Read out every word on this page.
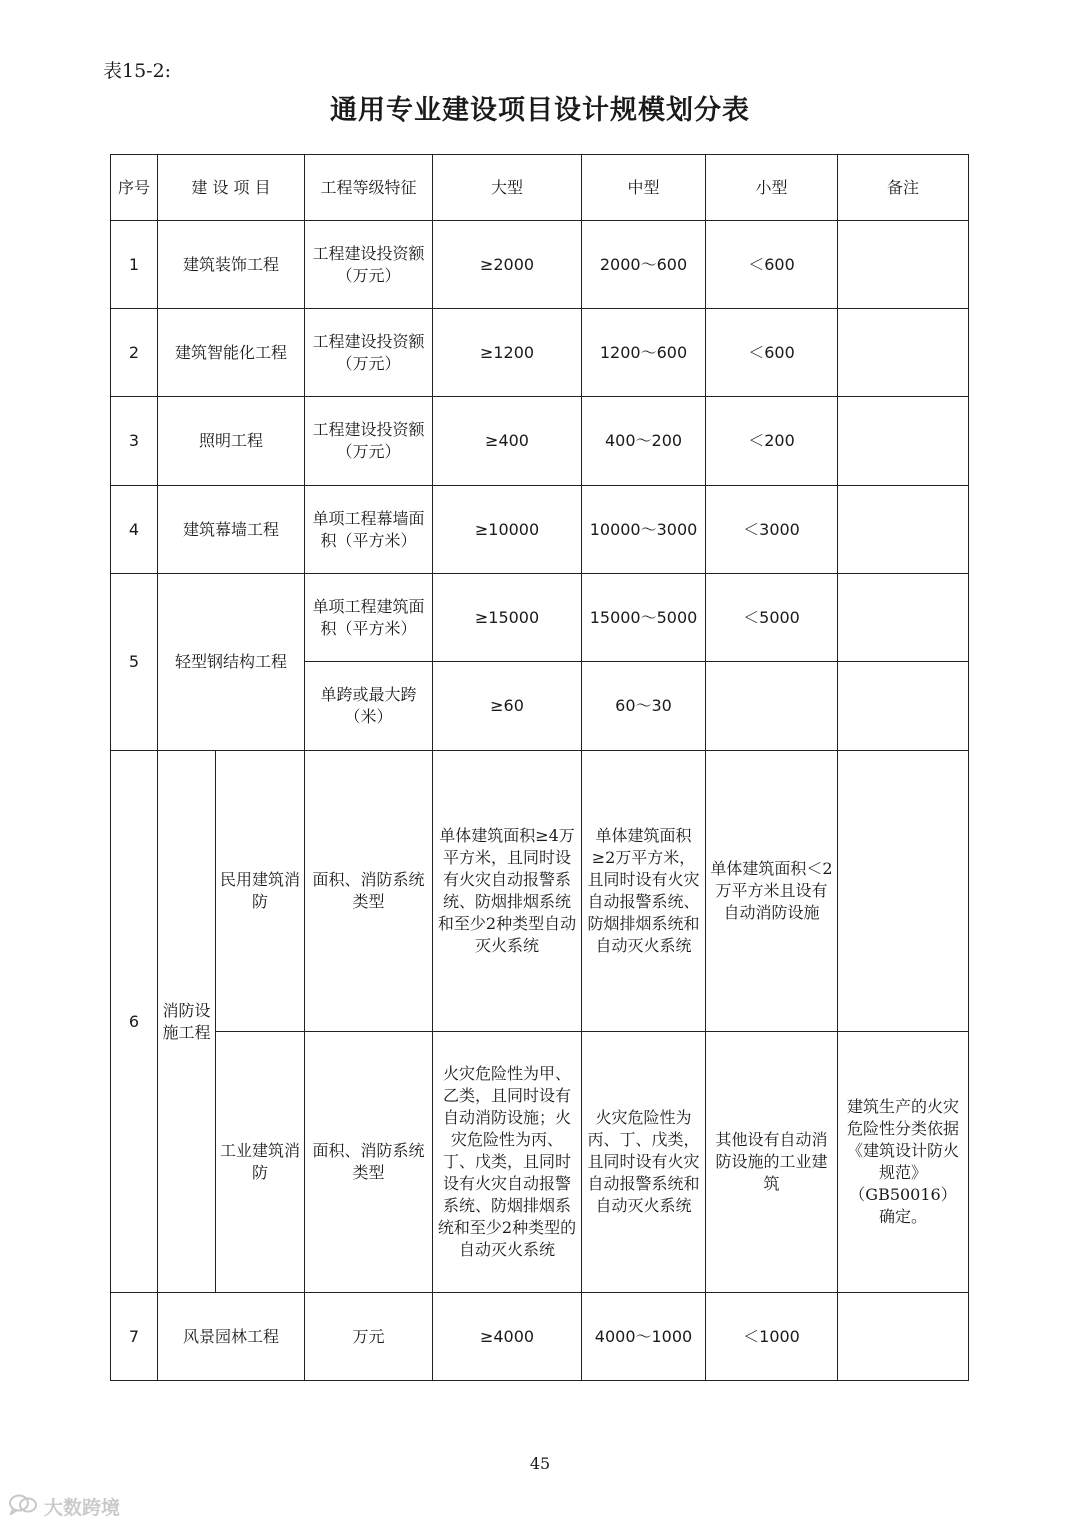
表15-2:
通用专业建设项目设计规模划分表
序号	建 设 项 目		工程等级特征	大型	中型	小型	备注
1	建筑装饰工程		工程建设投资额（万元）	≥2000	2000～600	＜600	
2	建筑智能化工程		工程建设投资额（万元）	≥1200	1200～600	＜600	
3	照明工程		工程建设投资额（万元）	≥400	400～200	＜200	
4	建筑幕墙工程		单项工程幕墙面积（平方米）	≥10000	10000～3000	＜3000	
5	轻型钢结构工程		单项工程建筑面积（平方米）	≥15000	15000～5000	＜5000	
			单跨或最大跨（米）	≥60	60～30		
6	消防设施工程	民用建筑消防	面积、消防系统类型	单体建筑面积≥4万平方米，且同时设有火灾自动报警系统、防烟排烟系统和至少2种类型自动灭火系统	单体建筑面积≥2万平方米，且同时设有火灾自动报警系统、防烟排烟系统和自动灭火系统	单体建筑面积＜2万平方米且设有自动消防设施	
		工业建筑消防	面积、消防系统类型	火灾危险性为甲、乙类，且同时设有自动消防设施；火灾危险性为丙、丁、戊类，且同时设有火灾自动报警系统、防烟排烟系统和至少2种类型的自动灭火系统	火灾危险性为丙、丁、戊类，且同时设有火灾自动报警系统和自动灭火系统	其他设有自动消防设施的工业建筑	建筑生产的火灾危险性分类依据《建筑设计防火规范》（GB50016）确定。
7	风景园林工程		万元	≥4000	4000～1000	＜1000	
45
大数跨境
